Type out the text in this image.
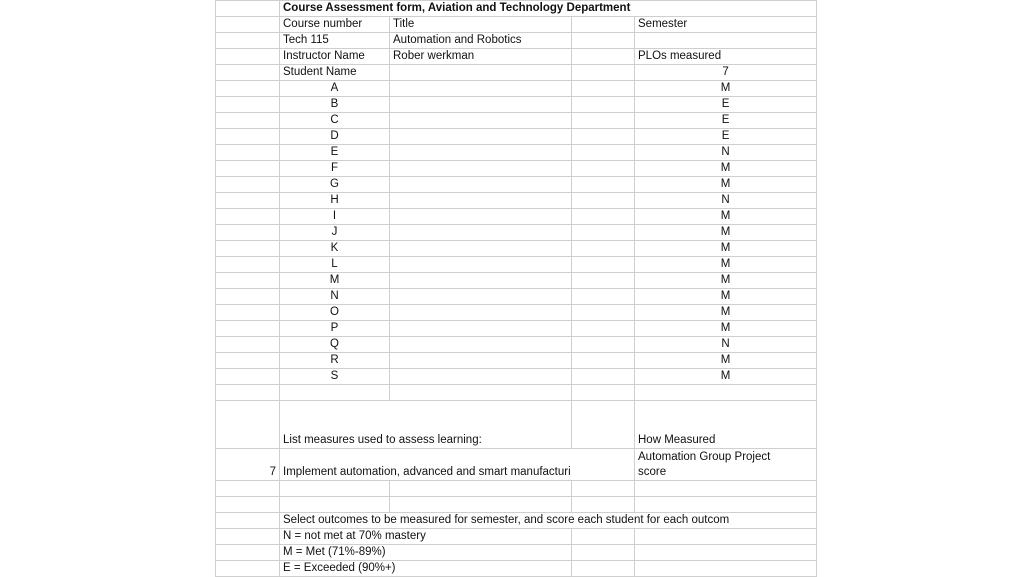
	Course Assessment form, Aviation and Technology Department			
	Course number	Title		Semester
	Tech 115	Automation and Robotics		
	Instructor Name	Rober werkman		PLOs measured
	Student Name			7
	A			M
	B			E
	C			E
	D			E
	E			N
	F			M
	G			M
	H			N
	I			M
	J			M
	K			M
	L			M
	M			M
	N			M
	O			M
	P			M
	Q			N
	R			M
	S			M

	List measures used to assess learning:			How Measured
7	Implement automation, advanced and smart manufacturi			Automation Group Project
score

	Select outcomes to be measured for semester, and score each student for each outcom			
	N = not met at 70% mastery			
	M = Met (71%-89%)			
	E = Exceeded (90%+)			
